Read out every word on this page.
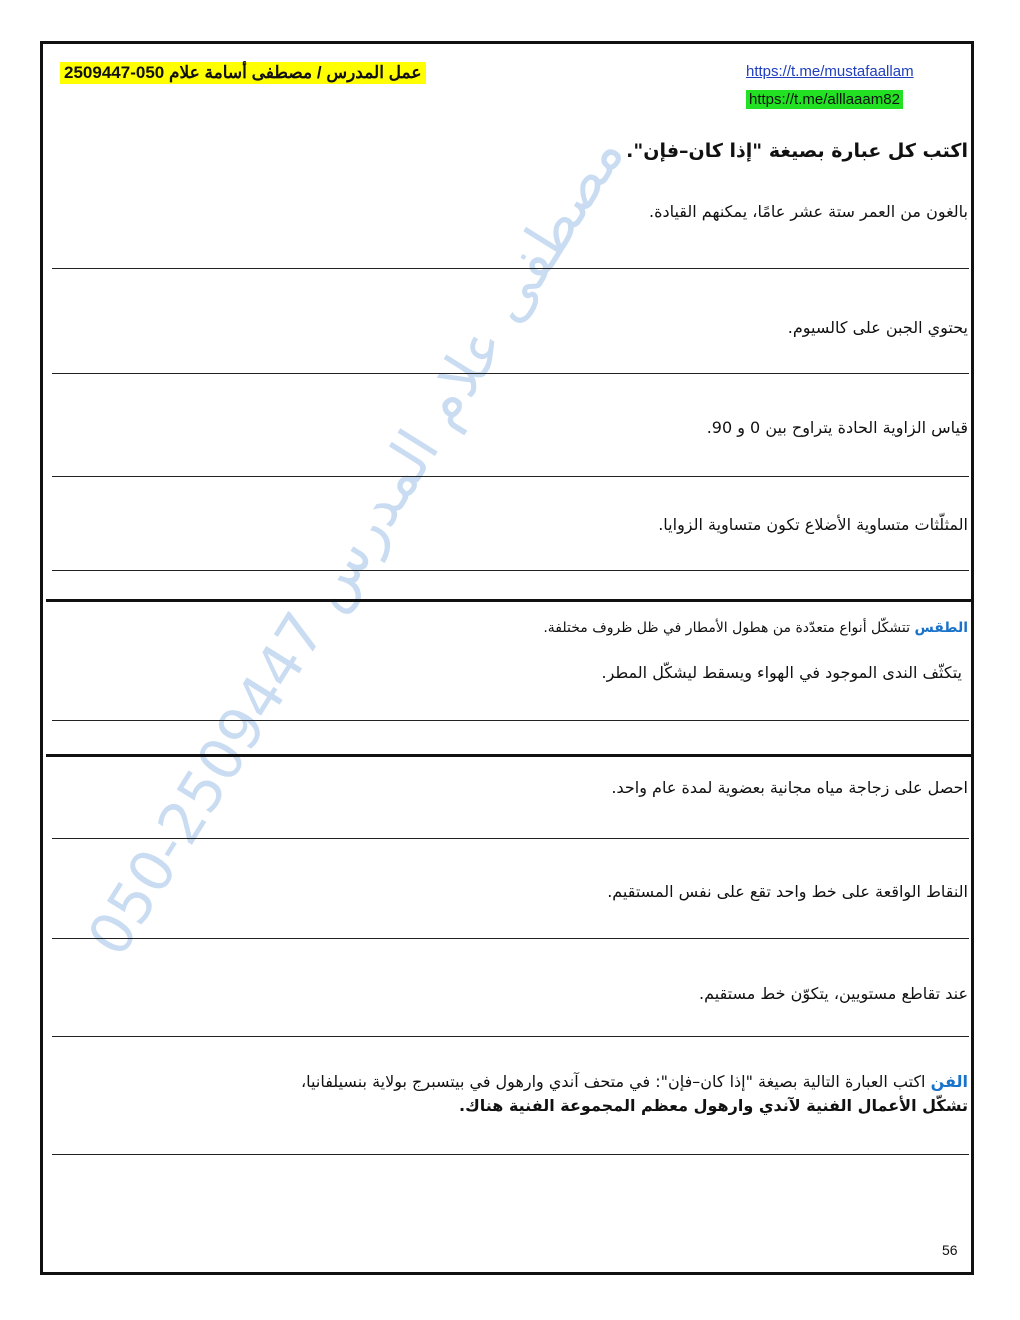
050-2509447 مصطفى علام المدرس
عمل المدرس / مصطفى أسامة علام 050-2509447	https://t.me/mustafaallam
https://t.me/alllaaam82
اكتب كل عبارة بصيغة "إذا كان–فإن".
بالغون من العمر ستة عشر عامًا، يمكنهم القيادة.
يحتوي الجبن على كالسيوم.
قياس الزاوية الحادة يتراوح بين 0 و 90.
المثلّثات متساوية الأضلاع تكون متساوية الزوايا.
الطقس تتشكّل أنواع متعدّدة من هطول الأمطار في ظل ظروف مختلفة.
يتكثّف الندى الموجود في الهواء ويسقط ليشكّل المطر.
احصل على زجاجة مياه مجانية بعضوية لمدة عام واحد.
النقاط الواقعة على خط واحد تقع على نفس المستقيم.
عند تقاطع مستويين، يتكوّن خط مستقيم.
الفن اكتب العبارة التالية بصيغة "إذا كان–فإن": في متحف آندي وارهول في بيتسبرج بولاية بنسيلفانيا،
تشكّل الأعمال الفنية لآندي وارهول معظم المجموعة الفنية هناك.
56
